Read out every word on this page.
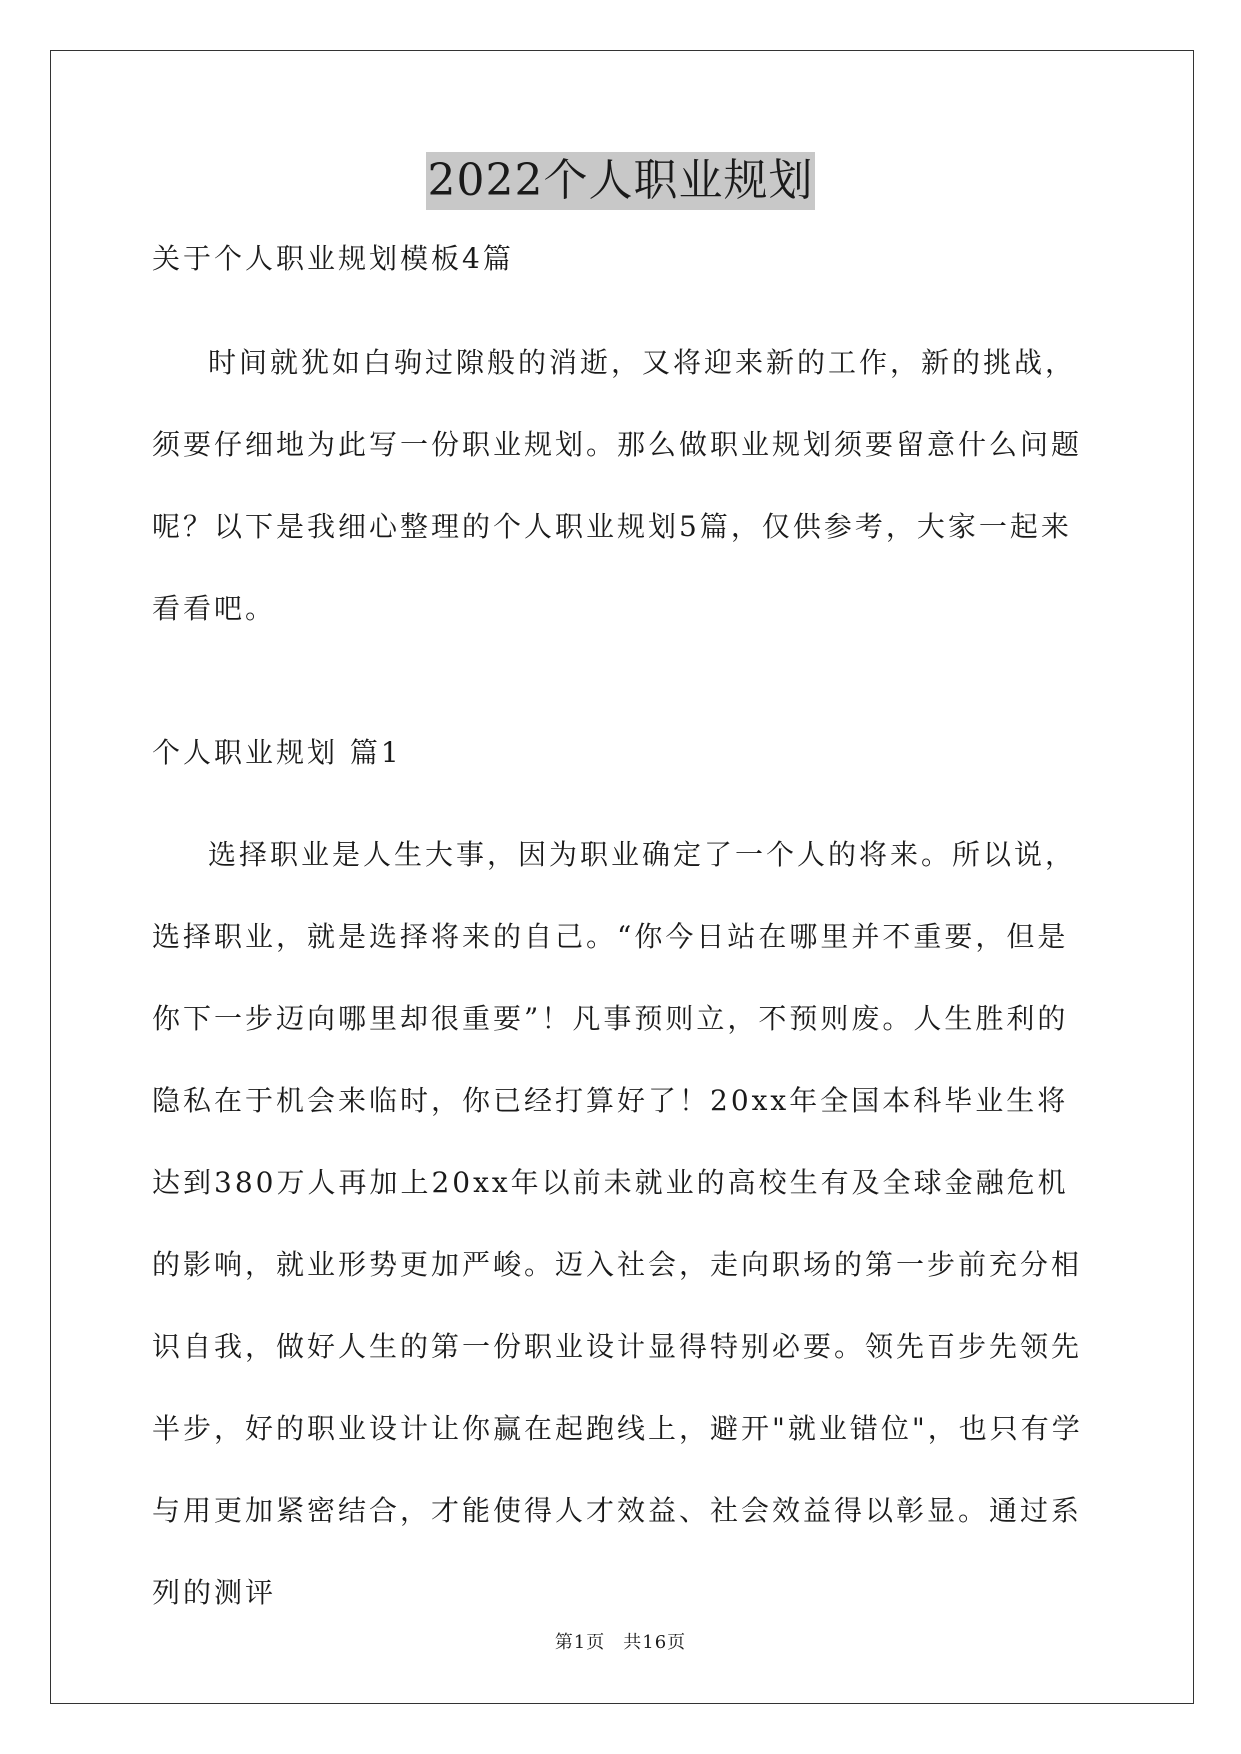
2022个人职业规划

关于个人职业规划模板4篇

时间就犹如白驹过隙般的消逝，又将迎来新的工作，新的挑战，须要仔细地为此写一份职业规划。那么做职业规划须要留意什么问题呢？以下是我细心整理的个人职业规划5篇，仅供参考，大家一起来看看吧。

个人职业规划 篇1

选择职业是人生大事，因为职业确定了一个人的将来。所以说，选择职业，就是选择将来的自己。“你今日站在哪里并不重要，但是你下一步迈向哪里却很重要”！凡事预则立，不预则废。人生胜利的隐私在于机会来临时，你已经打算好了！20xx年全国本科毕业生将达到380万人再加上20xx年以前未就业的高校生有及全球金融危机的影响，就业形势更加严峻。迈入社会，走向职场的第一步前充分相识自我，做好人生的第一份职业设计显得特别必要。领先百步先领先半步，好的职业设计让你赢在起跑线上，避开"就业错位"，也只有学与用更加紧密结合，才能使得人才效益、社会效益得以彰显。通过系列的测评

第1页 共16页
